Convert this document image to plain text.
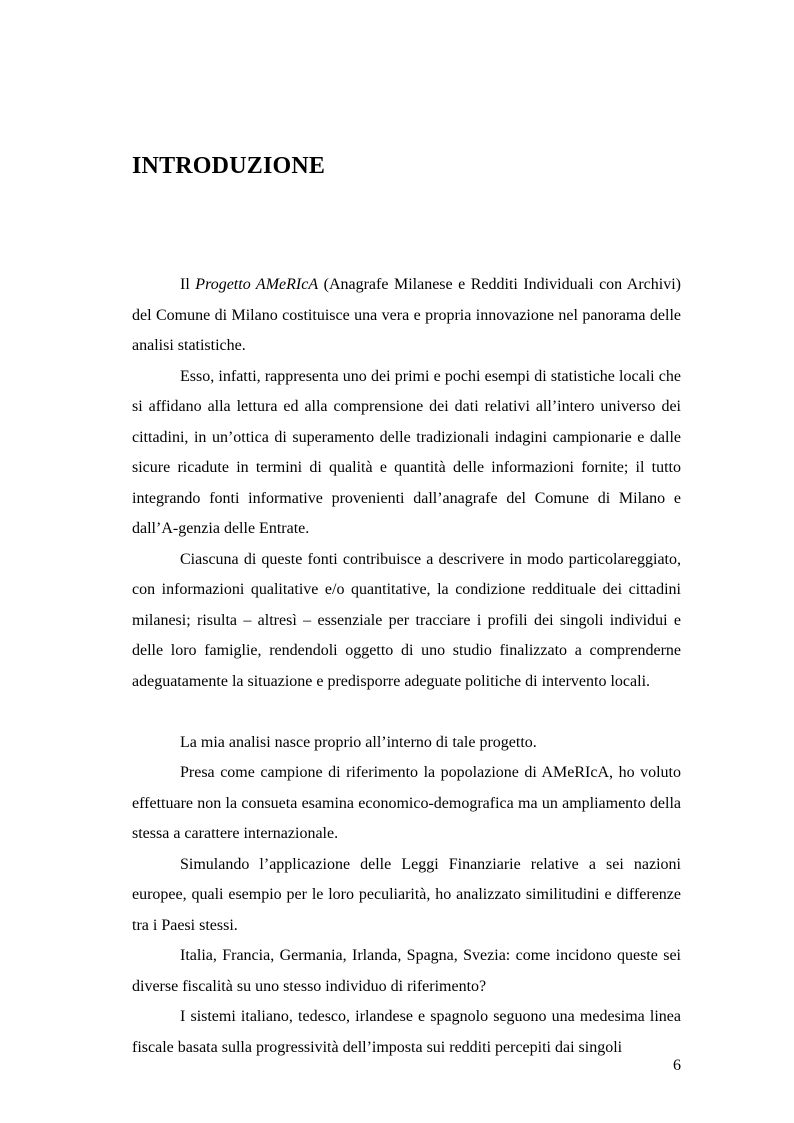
INTRODUZIONE

Il Progetto AMeRIcA (Anagrafe Milanese e Redditi Individuali con Archivi) del Comune di Milano costituisce una vera e propria innovazione nel panorama delle analisi statistiche.

Esso, infatti, rappresenta uno dei primi e pochi esempi di statistiche locali che si affidano alla lettura ed alla comprensione dei dati relativi all’intero universo dei cittadini, in un’ottica di superamento delle tradizionali indagini campionarie e dalle sicure ricadute in termini di qualità e quantità delle informazioni fornite; il tutto integrando fonti informative provenienti dall’anagrafe del Comune di Milano e dall’A-genzia delle Entrate.

Ciascuna di queste fonti contribuisce a descrivere in modo particolareggiato, con informazioni qualitative e/o quantitative, la condizione reddituale dei cittadini milanesi; risulta – altresì – essenziale per tracciare i profili dei singoli individui e delle loro famiglie, rendendoli oggetto di uno studio finalizzato a comprenderne adeguatamente la situazione e predisporre adeguate politiche di intervento locali.

La mia analisi nasce proprio all’interno di tale progetto.

Presa come campione di riferimento la popolazione di AMeRIcA, ho voluto effettuare non la consueta esamina economico-demografica ma un ampliamento della stessa a carattere internazionale.

Simulando l’applicazione delle Leggi Finanziarie relative a sei nazioni europee, quali esempio per le loro peculiarità, ho analizzato similitudini e differenze tra i Paesi stessi.

Italia, Francia, Germania, Irlanda, Spagna, Svezia: come incidono queste sei diverse fiscalità su uno stesso individuo di riferimento?

I sistemi italiano, tedesco, irlandese e spagnolo seguono una medesima linea fiscale basata sulla progressività dell’imposta sui redditi percepiti dai singoli

6
